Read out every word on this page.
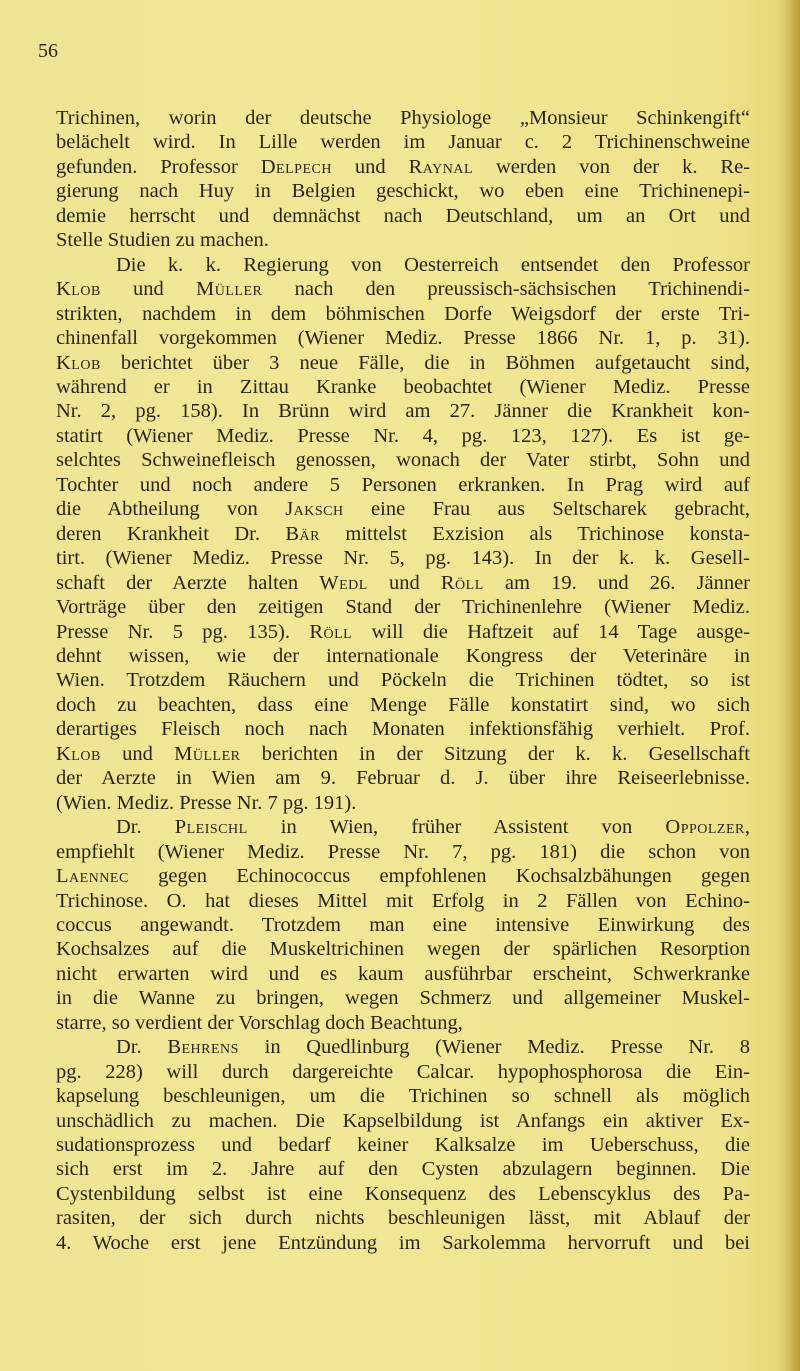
56
Trichinen, worin der deutsche Physiologe „Monsieur Schinkengift“
belächelt wird. In Lille werden im Januar c. 2 Trichinenschweine
gefunden. Professor Delpech und Raynal werden von der k. Re-
gierung nach Huy in Belgien geschickt, wo eben eine Trichinenepi-
demie herrscht und demnächst nach Deutschland, um an Ort und
Stelle Studien zu machen.
Die k. k. Regierung von Oesterreich entsendet den Professor
Klob und Müller nach den preussisch-sächsischen Trichinendi-
strikten, nachdem in dem böhmischen Dorfe Weigsdorf der erste Tri-
chinenfall vorgekommen (Wiener Mediz. Presse 1866 Nr. 1, p. 31).
Klob berichtet über 3 neue Fälle, die in Böhmen aufgetaucht sind,
während er in Zittau Kranke beobachtet (Wiener Mediz. Presse
Nr. 2, pg. 158). In Brünn wird am 27. Jänner die Krankheit kon-
statirt (Wiener Mediz. Presse Nr. 4, pg. 123, 127). Es ist ge-
selchtes Schweinefleisch genossen, wonach der Vater stirbt, Sohn und
Tochter und noch andere 5 Personen erkranken. In Prag wird auf
die Abtheilung von Jaksch eine Frau aus Seltscharek gebracht,
deren Krankheit Dr. Bär mittelst Exzision als Trichinose konsta-
tirt. (Wiener Mediz. Presse Nr. 5, pg. 143). In der k. k. Gesell-
schaft der Aerzte halten Wedl und Röll am 19. und 26. Jänner
Vorträge über den zeitigen Stand der Trichinenlehre (Wiener Mediz.
Presse Nr. 5 pg. 135). Röll will die Haftzeit auf 14 Tage ausge-
dehnt wissen, wie der internationale Kongress der Veterinäre in
Wien. Trotzdem Räuchern und Pöckeln die Trichinen tödtet, so ist
doch zu beachten, dass eine Menge Fälle konstatirt sind, wo sich
derartiges Fleisch noch nach Monaten infektionsfähig verhielt. Prof.
Klob und Müller berichten in der Sitzung der k. k. Gesellschaft
der Aerzte in Wien am 9. Februar d. J. über ihre Reiseerlebnisse.
(Wien. Mediz. Presse Nr. 7 pg. 191).
Dr. Pleischl in Wien, früher Assistent von Oppolzer,
empfiehlt (Wiener Mediz. Presse Nr. 7, pg. 181) die schon von
Laennec gegen Echinococcus empfohlenen Kochsalzbähungen gegen
Trichinose. O. hat dieses Mittel mit Erfolg in 2 Fällen von Echino-
coccus angewandt. Trotzdem man eine intensive Einwirkung des
Kochsalzes auf die Muskeltrichinen wegen der spärlichen Resorption
nicht erwarten wird und es kaum ausführbar erscheint, Schwerkranke
in die Wanne zu bringen, wegen Schmerz und allgemeiner Muskel-
starre, so verdient der Vorschlag doch Beachtung,
Dr. Behrens in Quedlinburg (Wiener Mediz. Presse Nr. 8
pg. 228) will durch dargereichte Calcar. hypophosphorosa die Ein-
kapselung beschleunigen, um die Trichinen so schnell als möglich
unschädlich zu machen. Die Kapselbildung ist Anfangs ein aktiver Ex-
sudationsprozess und bedarf keiner Kalksalze im Ueberschuss, die
sich erst im 2. Jahre auf den Cysten abzulagern beginnen. Die
Cystenbildung selbst ist eine Konsequenz des Lebenscyklus des Pa-
rasiten, der sich durch nichts beschleunigen lässt, mit Ablauf der
4. Woche erst jene Entzündung im Sarkolemma hervorruft und bei
